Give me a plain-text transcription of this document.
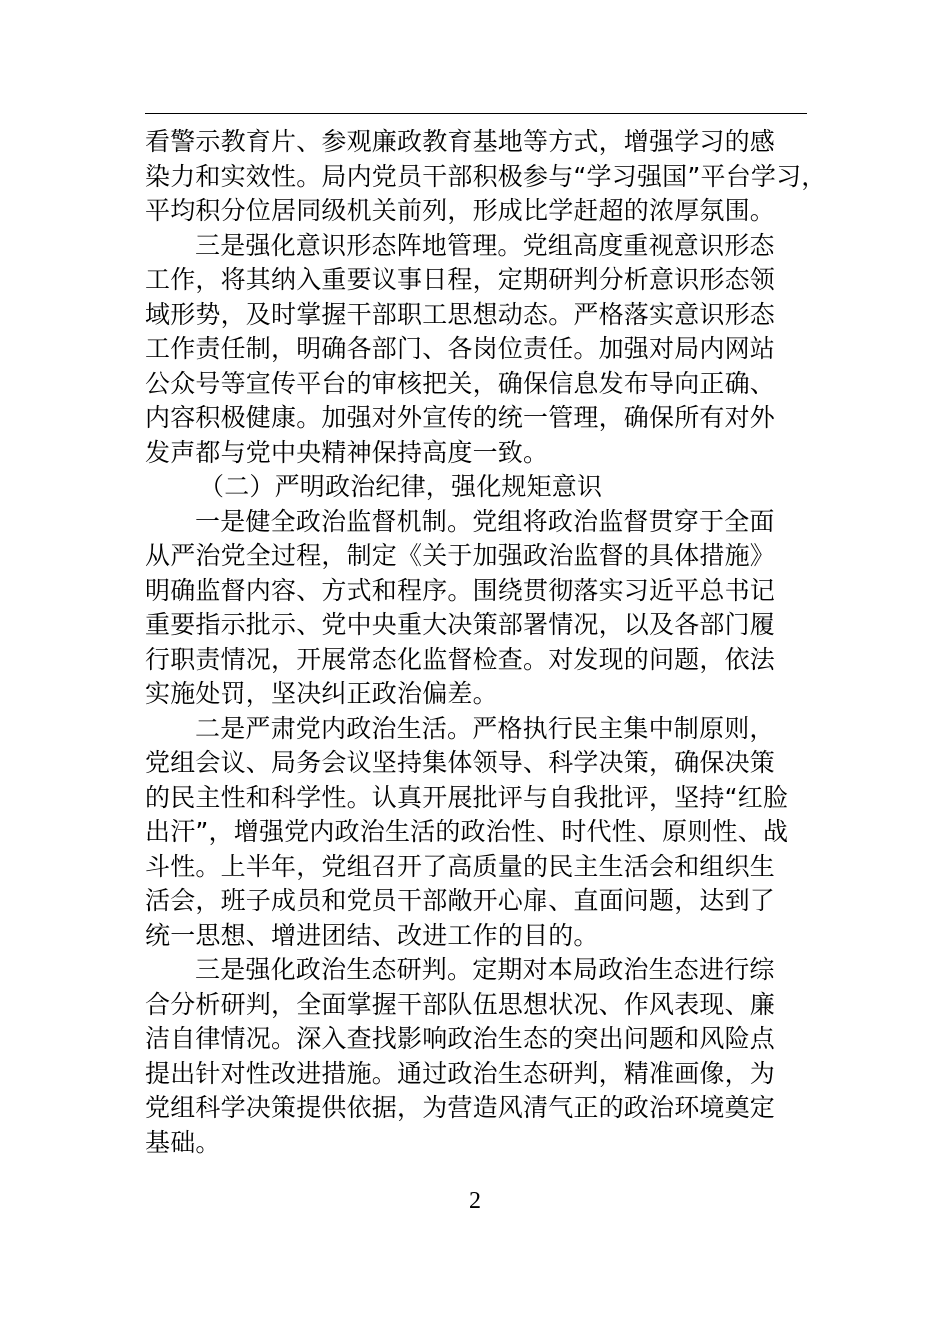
看警示教育片、参观廉政教育基地等方式，增强学习的感
染力和实效性。局内党员干部积极参与“学习强国”平台学习，
平均积分位居同级机关前列，形成比学赶超的浓厚氛围。
三是强化意识形态阵地管理。党组高度重视意识形态
工作，将其纳入重要议事日程，定期研判分析意识形态领
域形势，及时掌握干部职工思想动态。严格落实意识形态
工作责任制，明确各部门、各岗位责任。加强对局内网站
公众号等宣传平台的审核把关，确保信息发布导向正确、
内容积极健康。加强对外宣传的统一管理，确保所有对外
发声都与党中央精神保持高度一致。
（二）严明政治纪律，强化规矩意识
一是健全政治监督机制。党组将政治监督贯穿于全面
从严治党全过程，制定《关于加强政治监督的具体措施》
明确监督内容、方式和程序。围绕贯彻落实习近平总书记
重要指示批示、党中央重大决策部署情况，以及各部门履
行职责情况，开展常态化监督检查。对发现的问题，依法
实施处罚，坚决纠正政治偏差。
二是严肃党内政治生活。严格执行民主集中制原则，
党组会议、局务会议坚持集体领导、科学决策，确保决策
的民主性和科学性。认真开展批评与自我批评，坚持“红脸
出汗”，增强党内政治生活的政治性、时代性、原则性、战
斗性。上半年，党组召开了高质量的民主生活会和组织生
活会，班子成员和党员干部敞开心扉、直面问题，达到了
统一思想、增进团结、改进工作的目的。
三是强化政治生态研判。定期对本局政治生态进行综
合分析研判，全面掌握干部队伍思想状况、作风表现、廉
洁自律情况。深入查找影响政治生态的突出问题和风险点
提出针对性改进措施。通过政治生态研判，精准画像，为
党组科学决策提供依据，为营造风清气正的政治环境奠定
基础。
2
